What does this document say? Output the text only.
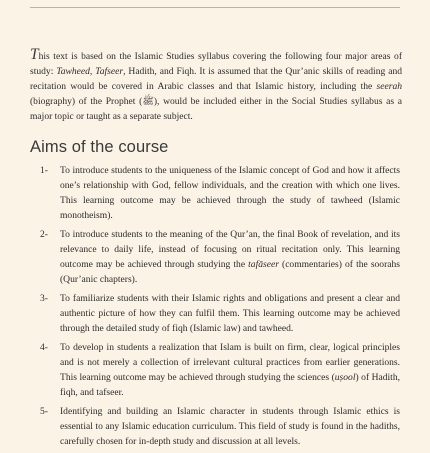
This text is based on the Islamic Studies syllabus covering the following four major areas of study: Tawheed, Tafseer, Hadith, and Fiqh. It is assumed that the Qur’anic skills of reading and recitation would be covered in Arabic classes and that Islamic history, including the seerah (biography) of the Prophet (ﷺ), would be included either in the Social Studies syllabus as a major topic or taught as a separate subject.

Aims of the course
1-	To introduce students to the uniqueness of the Islamic concept of God and how it affects one’s relationship with God, fellow individuals, and the creation with which one lives. This learning outcome may be achieved through the study of tawheed (Islamic monotheism).
2-	To introduce students to the meaning of the Qur’an, the final Book of revelation, and its relevance to daily life, instead of focusing on ritual recitation only. This learning outcome may be achieved through studying the tafāseer (commentaries) of the soorahs (Qur’anic chapters).
3-	To familiarize students with their Islamic rights and obligations and present a clear and authentic picture of how they can fulfil them. This learning outcome may be achieved through the detailed study of fiqh (Islamic law) and tawheed.
4-	To develop in students a realization that Islam is built on firm, clear, logical principles and is not merely a collection of irrelevant cultural practices from earlier generations. This learning outcome may be achieved through studying the sciences (uṣool) of Hadith, fiqh, and tafseer.
5-	Identifying and building an Islamic character in students through Islamic ethics is essential to any Islamic education curriculum. This field of study is found in the hadiths, carefully chosen for in-depth study and discussion at all levels.
